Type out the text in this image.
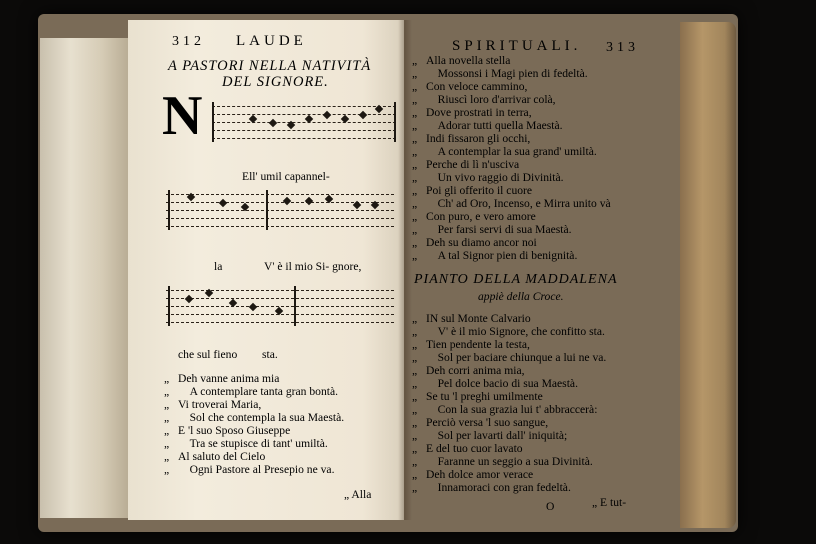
312 LAUDE
A PASTORI NELLA NATIVITÀ
DEL SIGNORE.
N
Ell' umil capannel-
la	V' è il mio Si- gnore,
che sul fieno sta.
„ Deh vanne anima mia
„ A contemplare tanta gran bontà.
„ Vi troverai Maria,
„ Sol che contempla la sua Maestà.
„ E 'l suo Sposo Giuseppe
„ Tra se stupisce di tant' umiltà.
„ Al saluto del Cielo
„ Ogni Pastore al Presepio ne va.
„ Alla
SPIRITUALI. 313
„ Alla novella stella
„ Mossonsi i Magi pien di fedeltà.
„ Con veloce cammino,
„ Riuscì loro d'arrivar colà,
„ Dove prostrati in terra,
„ Adorar tutti quella Maestà.
„ Indi fissaron gli occhi,
„ A contemplar la sua grand' umiltà.
„ Perche di lì n'usciva
„ Un vivo raggio di Divinità.
„ Poi gli offerito il cuore
„ Ch' ad Oro, Incenso, e Mirra unito và
„ Con puro, e vero amore
„ Per farsi servi di sua Maestà.
„ Deh su diamo ancor noi
„ A tal Signor pien di benignità.
PIANTO DELLA MADDALENA
appiè della Croce.
„ IN sul Monte Calvario
„ V' è il mio Signore, che confitto sta.
„ Tien pendente la testa,
„ Sol per baciare chiunque a lui ne va.
„ Deh corri anima mia,
„ Pel dolce bacio di sua Maestà.
„ Se tu 'l preghi umilmente
„ Con la sua grazia lui t' abbraccerà:
„ Perciò versa 'l suo sangue,
„ Sol per lavarti dall' iniquità;
„ E del tuo cuor lavato
„ Faranne un seggio a sua Divinità.
„ Deh dolce amor verace
„ Innamoraci con gran fedeltà.
O	„ E tut-
